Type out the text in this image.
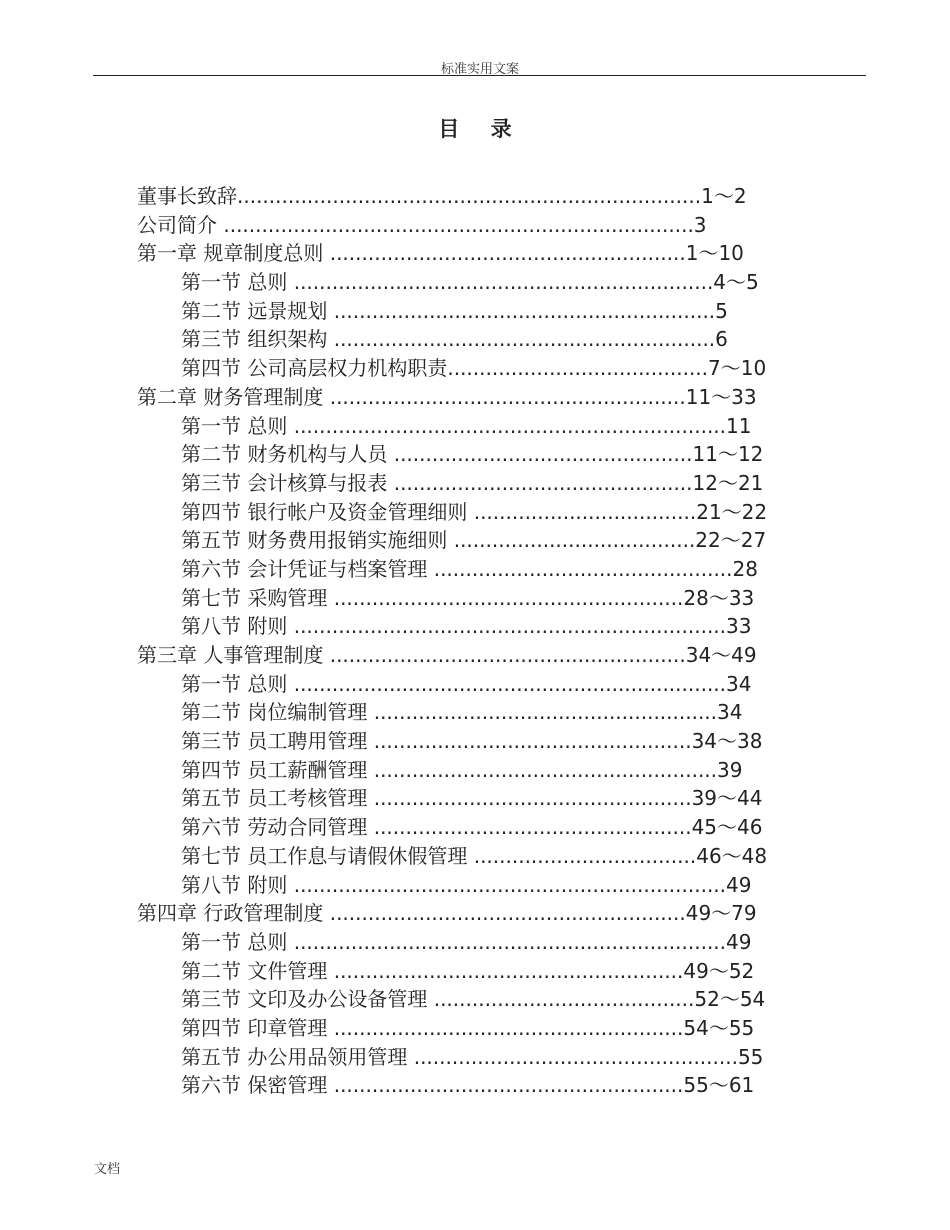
标准实用文案
目 录
董事长致辞.........................................................................1～2
公司简介 ..........................................................................3
第一章 规章制度总则 ........................................................1～10
第一节 总则 ..................................................................4～5
第二节 远景规划 ............................................................5
第三节 组织架构 ............................................................6
第四节 公司高层权力机构职责.........................................7～10
第二章 财务管理制度 ........................................................11～33
第一节 总则 ....................................................................11
第二节 财务机构与人员 ...............................................11～12
第三节 会计核算与报表 ...............................................12～21
第四节 银行帐户及资金管理细则 ...................................21～22
第五节 财务费用报销实施细则 ......................................22～27
第六节 会计凭证与档案管理 ...............................................28
第七节 采购管理 .......................................................28～33
第八节 附则 ....................................................................33
第三章 人事管理制度 ........................................................34～49
第一节 总则 ....................................................................34
第二节 岗位编制管理 ......................................................34
第三节 员工聘用管理 ..................................................34～38
第四节 员工薪酬管理 ......................................................39
第五节 员工考核管理 ..................................................39～44
第六节 劳动合同管理 ..................................................45～46
第七节 员工作息与请假休假管理 ...................................46～48
第八节 附则 ....................................................................49
第四章 行政管理制度 ........................................................49～79
第一节 总则 ....................................................................49
第二节 文件管理 .......................................................49～52
第三节 文印及办公设备管理 .........................................52～54
第四节 印章管理 .......................................................54～55
第五节 办公用品领用管理 ...................................................55
第六节 保密管理 .......................................................55～61
文档
